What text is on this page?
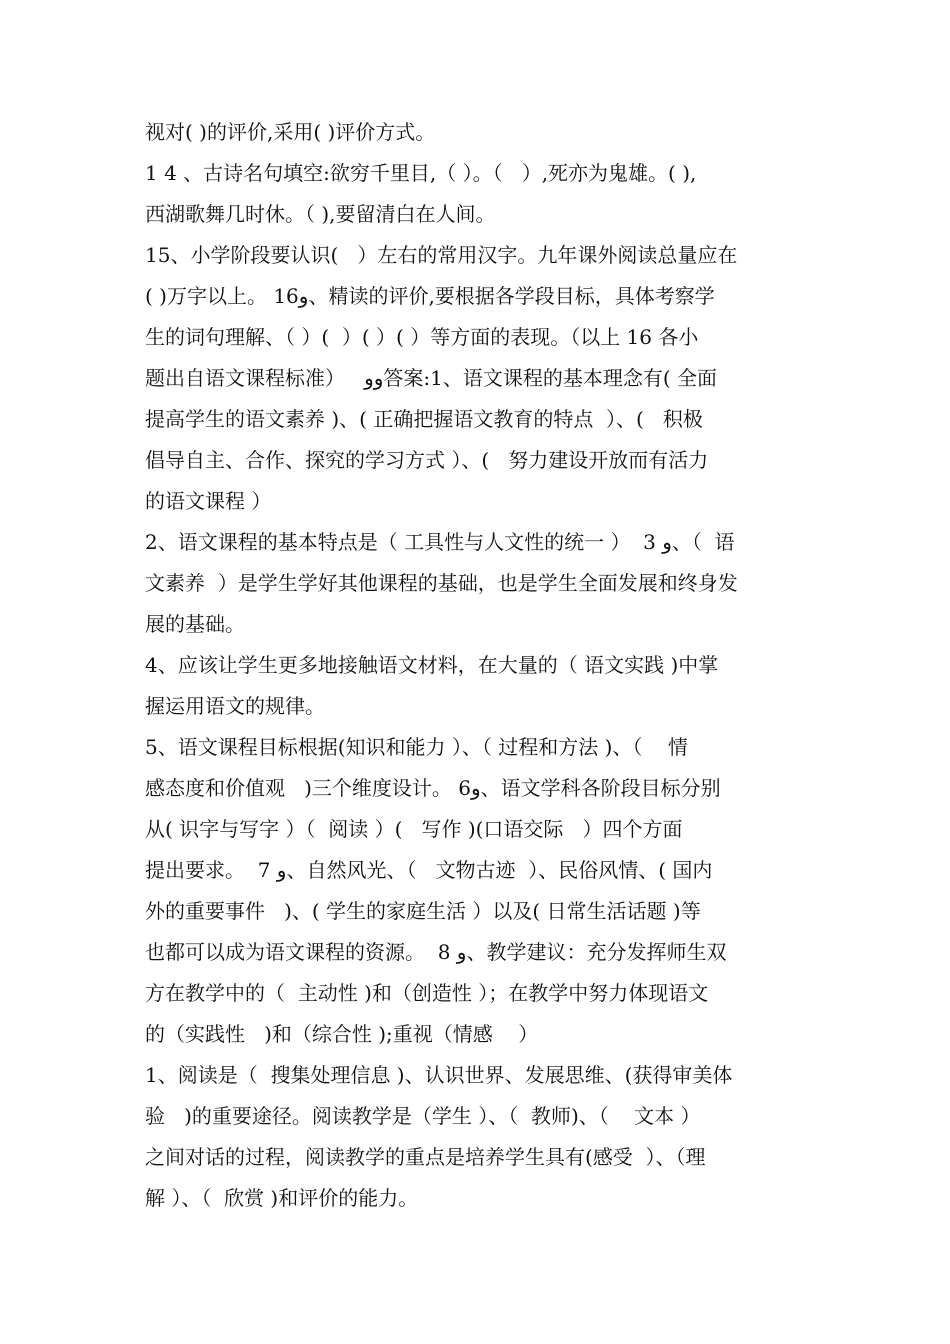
视对( )的评价,采用( )评价方式。
1 4 、古诗名句填空:欲穷千里目,（ ）。（   ）,死亦为鬼雄。( ),
西湖歌舞几时休。（ ),要留清白在人间。
15、小学阶段要认识(   ）左右的常用汉字。九年课外阅读总量应在
( )万字以上。 16و、精读的评价,要根据各学段目标，具体考察学
生的词句理解、（ ）(  ）( ）( ）等方面的表现。（以上 16 各小
题出自语文课程标准）   وو答案:1、语文课程的基本理念有( 全面
提高学生的语文素养 )、( 正确把握语文教育的特点  ）、(   积极
倡导自主、合作、探究的学习方式 ）、(   努力建设开放而有活力
的语文课程 ）
2、语文课程的基本特点是（ 工具性与人文性的统一 ）  3 و、（  语
文素养  ）是学生学好其他课程的基础，也是学生全面发展和终身发
展的基础。
4、应该让学生更多地接触语文材料，在大量的（ 语文实践 )中掌
握运用语文的规律。
5、语文课程目标根据(知识和能力 ）、（ 过程和方法 )、（    情
感态度和价值观   )三个维度设计。 6و、语文学科各阶段目标分别
从( 识字与写字 ）（  阅读 ）(   写作 )(口语交际   ）四个方面
提出要求。  7 و、自然风光、（   文物古迹  ）、民俗风情、( 国内
外的重要事件   )、( 学生的家庭生活 ）以及( 日常生活话题 )等
也都可以成为语文课程的资源。  8 و、教学建议：充分发挥师生双
方在教学中的（  主动性 )和（创造性 ）；在教学中努力体现语文
的（实践性   )和（综合性 );重视（情感    ）
1、阅读是（  搜集处理信息 )、认识世界、发展思维、(获得审美体
验   )的重要途径。阅读教学是（学生 ）、（  教师)、（    文本 ）
之间对话的过程，阅读教学的重点是培养学生具有(感受  ）、（理
解 ）、（  欣赏 )和评价的能力。
